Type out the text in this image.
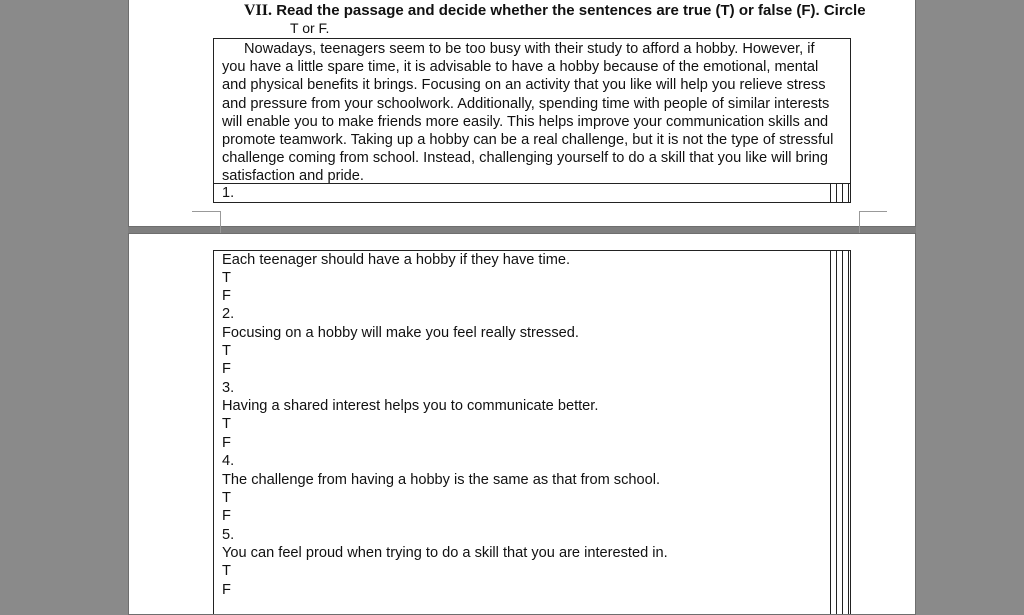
VII. Read the passage and decide whether the sentences are true (T) or false (F). Circle
T or F.
Nowadays, teenagers seem to be too busy with their study to afford a hobby. However, if you have a little spare time, it is advisable to have a hobby because of the emotional, mental and physical benefits it brings. Focusing on an activity that you like will help you relieve stress and pressure from your schoolwork. Additionally, spending time with people of similar interests will enable you to make friends more easily. This helps improve your communication skills and promote teamwork. Taking up a hobby can be a real challenge, but it is not the type of stressful challenge coming from school. Instead, challenging yourself to do a skill that you like will bring satisfaction and pride.
1.
Each teenager should have a hobby if they have time.
T
F
2.
Focusing on a hobby will make you feel really stressed.
T
F
3.
Having a shared interest helps you to communicate better.
T
F
4.
The challenge from having a hobby is the same as that from school.
T
F
5.
You can feel proud when trying to do a skill that you are interested in.
T
F
